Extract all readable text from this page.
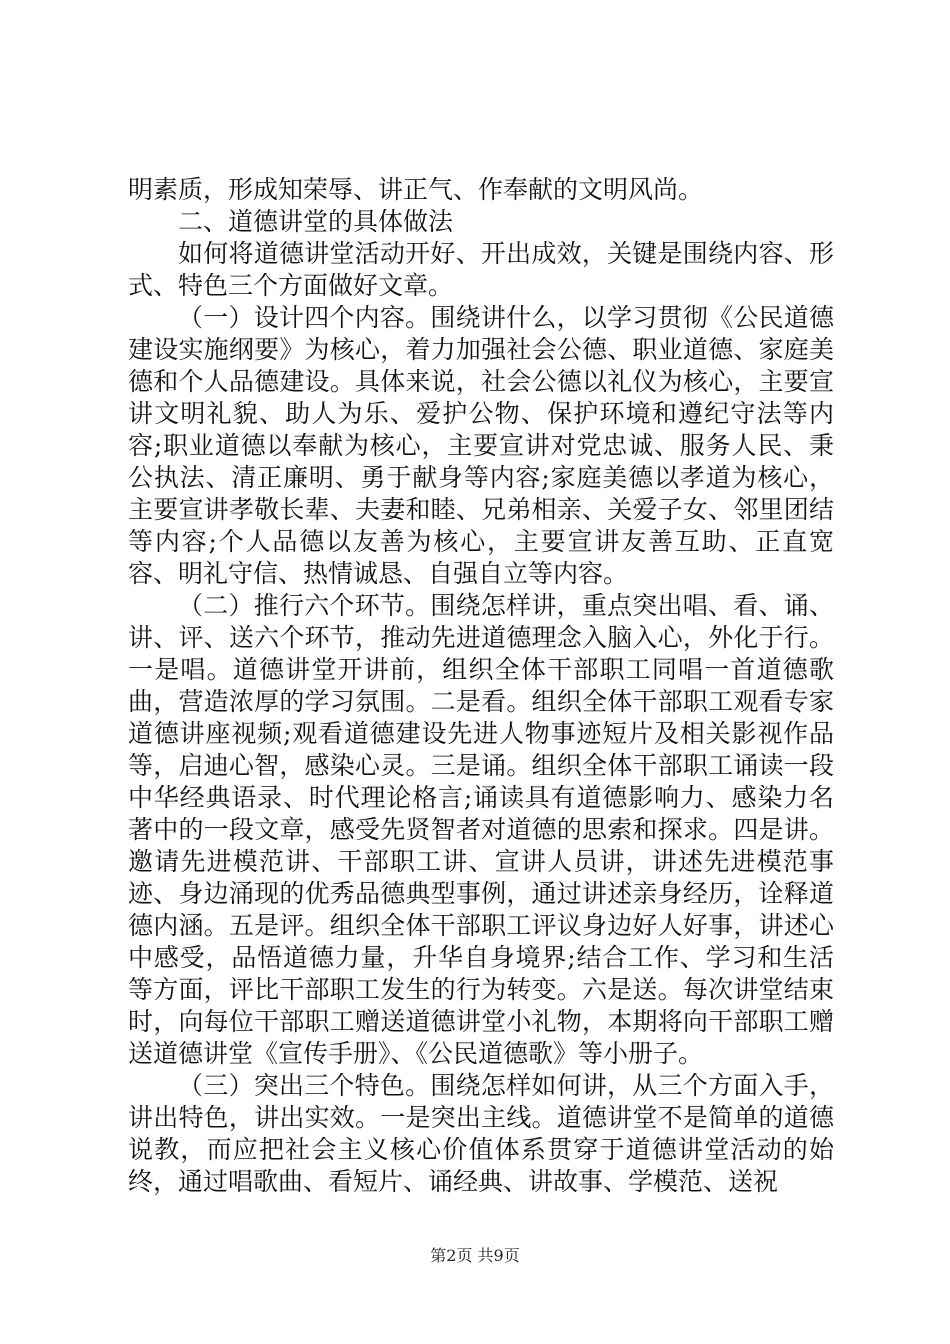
明素质，形成知荣辱、讲正气、作奉献的文明风尚。

二、道德讲堂的具体做法

如何将道德讲堂活动开好、开出成效，关键是围绕内容、形式、特色三个方面做好文章。

（一）设计四个内容。围绕讲什么，以学习贯彻《公民道德建设实施纲要》为核心，着力加强社会公德、职业道德、家庭美德和个人品德建设。具体来说，社会公德以礼仪为核心，主要宣讲文明礼貌、助人为乐、爱护公物、保护环境和遵纪守法等内容;职业道德以奉献为核心，主要宣讲对党忠诚、服务人民、秉公执法、清正廉明、勇于献身等内容;家庭美德以孝道为核心，主要宣讲孝敬长辈、夫妻和睦、兄弟相亲、关爱子女、邻里团结等内容;个人品德以友善为核心，主要宣讲友善互助、正直宽容、明礼守信、热情诚恳、自强自立等内容。

（二）推行六个环节。围绕怎样讲，重点突出唱、看、诵、讲、评、送六个环节，推动先进道德理念入脑入心，外化于行。一是唱。道德讲堂开讲前，组织全体干部职工同唱一首道德歌曲，营造浓厚的学习氛围。二是看。组织全体干部职工观看专家道德讲座视频;观看道德建设先进人物事迹短片及相关影视作品等，启迪心智，感染心灵。三是诵。组织全体干部职工诵读一段中华经典语录、时代理论格言;诵读具有道德影响力、感染力名著中的一段文章，感受先贤智者对道德的思索和探求。四是讲。邀请先进模范讲、干部职工讲、宣讲人员讲，讲述先进模范事迹、身边涌现的优秀品德典型事例，通过讲述亲身经历，诠释道德内涵。五是评。组织全体干部职工评议身边好人好事，讲述心中感受，品悟道德力量，升华自身境界;结合工作、学习和生活等方面，评比干部职工发生的行为转变。六是送。每次讲堂结束时，向每位干部职工赠送道德讲堂小礼物，本期将向干部职工赠送道德讲堂《宣传手册》、《公民道德歌》等小册子。

（三）突出三个特色。围绕怎样如何讲，从三个方面入手，讲出特色，讲出实效。一是突出主线。道德讲堂不是简单的道德说教，而应把社会主义核心价值体系贯穿于道德讲堂活动的始终，通过唱歌曲、看短片、诵经典、讲故事、学模范、送祝

第2页 共9页
